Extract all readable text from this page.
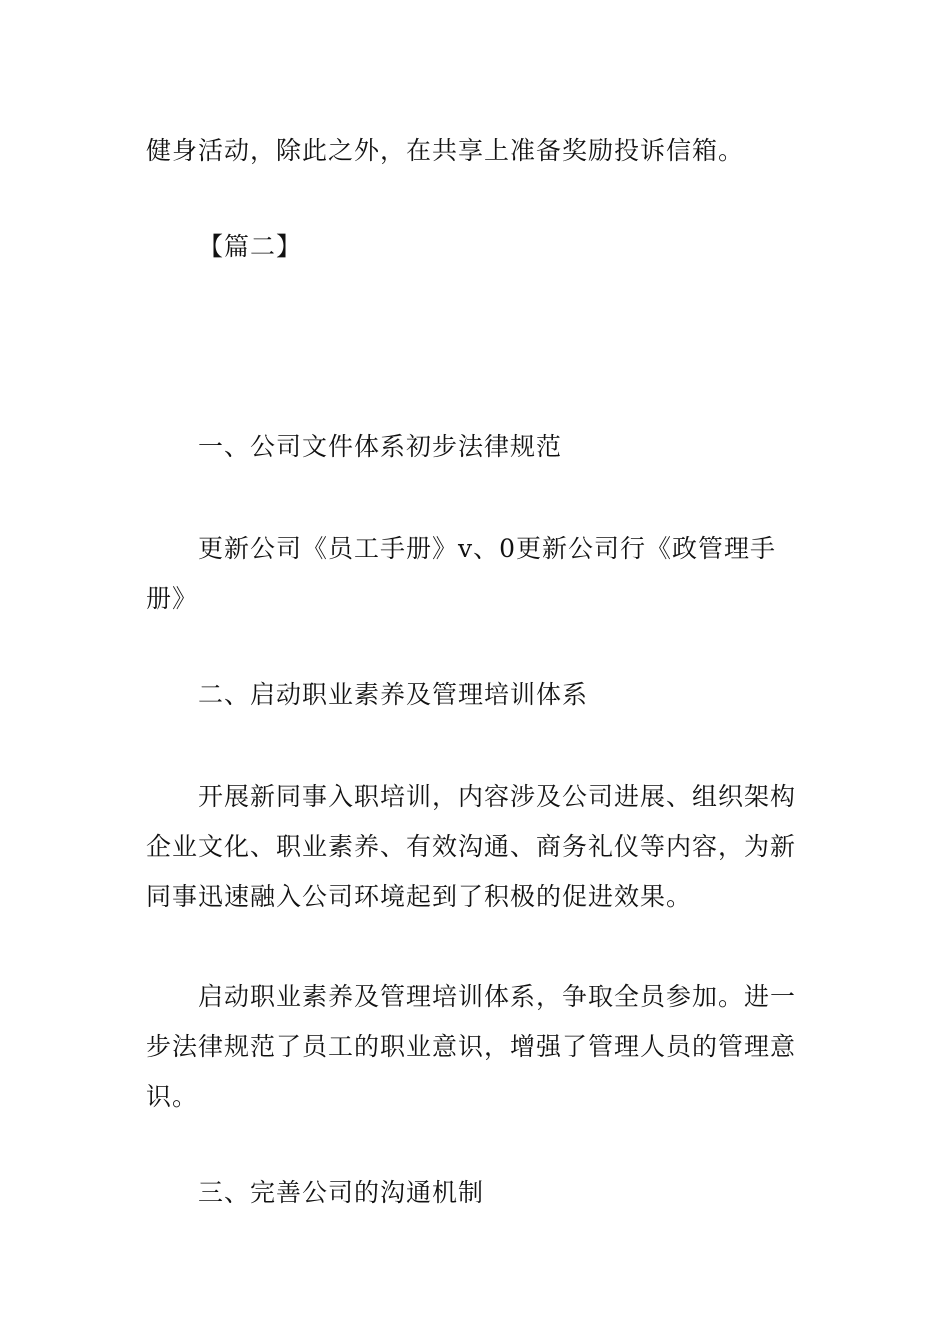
健身活动，除此之外，在共享上准备奖励投诉信箱。

【篇二】

一、公司文件体系初步法律规范

更新公司《员工手册》v、0更新公司行《政管理手册》

二、启动职业素养及管理培训体系

开展新同事入职培训，内容涉及公司进展、组织架构企业文化、职业素养、有效沟通、商务礼仪等内容，为新同事迅速融入公司环境起到了积极的促进效果。

启动职业素养及管理培训体系，争取全员参加。进一步法律规范了员工的职业意识，增强了管理人员的管理意识。

三、完善公司的沟通机制
